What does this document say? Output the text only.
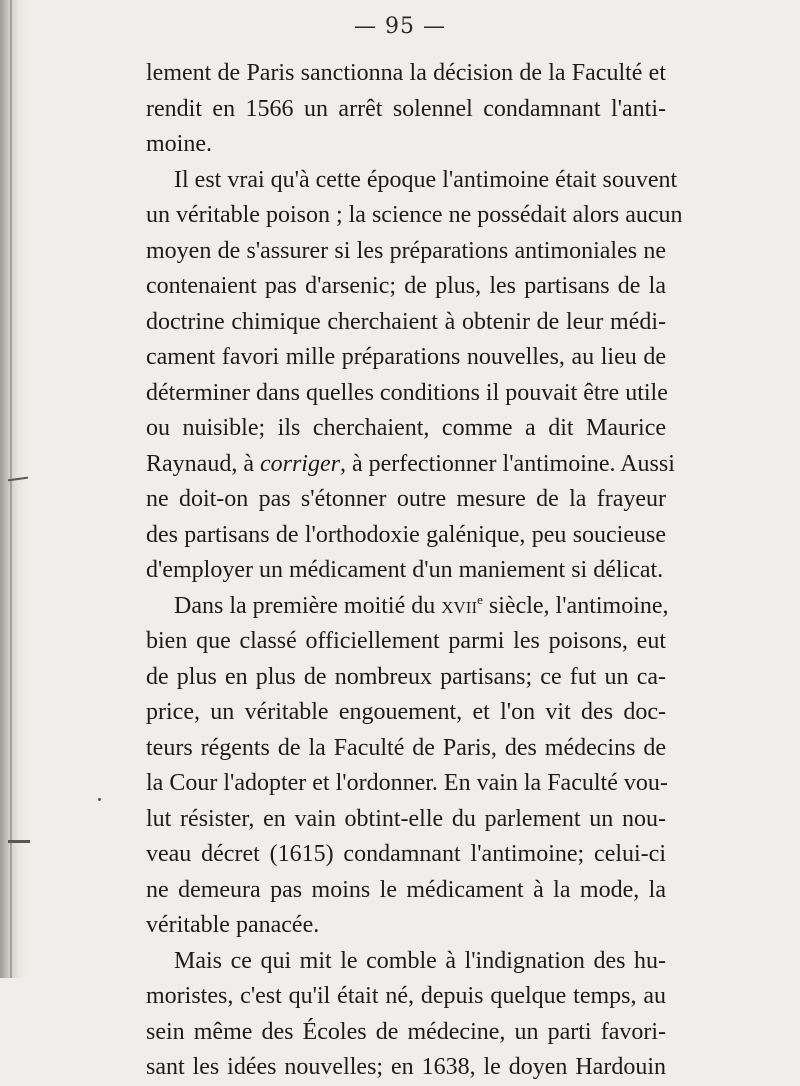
— 95 —
lement de Paris sanctionna la décision de la Faculté et
rendit en 1566 un arrêt solennel condamnant l'anti-
moine.
Il est vrai qu'à cette époque l'antimoine était souvent
un véritable poison ; la science ne possédait alors aucun
moyen de s'assurer si les préparations antimoniales ne
contenaient pas d'arsenic; de plus, les partisans de la
doctrine chimique cherchaient à obtenir de leur médi-
cament favori mille préparations nouvelles, au lieu de
déterminer dans quelles conditions il pouvait être utile
ou nuisible; ils cherchaient, comme a dit Maurice
Raynaud, à corriger, à perfectionner l'antimoine. Aussi
ne doit-on pas s'étonner outre mesure de la frayeur
des partisans de l'orthodoxie galénique, peu soucieuse
d'employer un médicament d'un maniement si délicat.
Dans la première moitié du xvii$^e$ siècle, l'antimoine,
bien que classé officiellement parmi les poisons, eut
de plus en plus de nombreux partisans; ce fut un ca-
price, un véritable engouement, et l'on vit des doc-
teurs régents de la Faculté de Paris, des médecins de
la Cour l'adopter et l'ordonner. En vain la Faculté vou-
lut résister, en vain obtint-elle du parlement un nou-
veau décret (1615) condamnant l'antimoine; celui-ci
ne demeura pas moins le médicament à la mode, la
véritable panacée.
Mais ce qui mit le comble à l'indignation des hu-
moristes, c'est qu'il était né, depuis quelque temps, au
sein même des Écoles de médecine, un parti favori-
sant les idées nouvelles; en 1638, le doyen Hardouin
